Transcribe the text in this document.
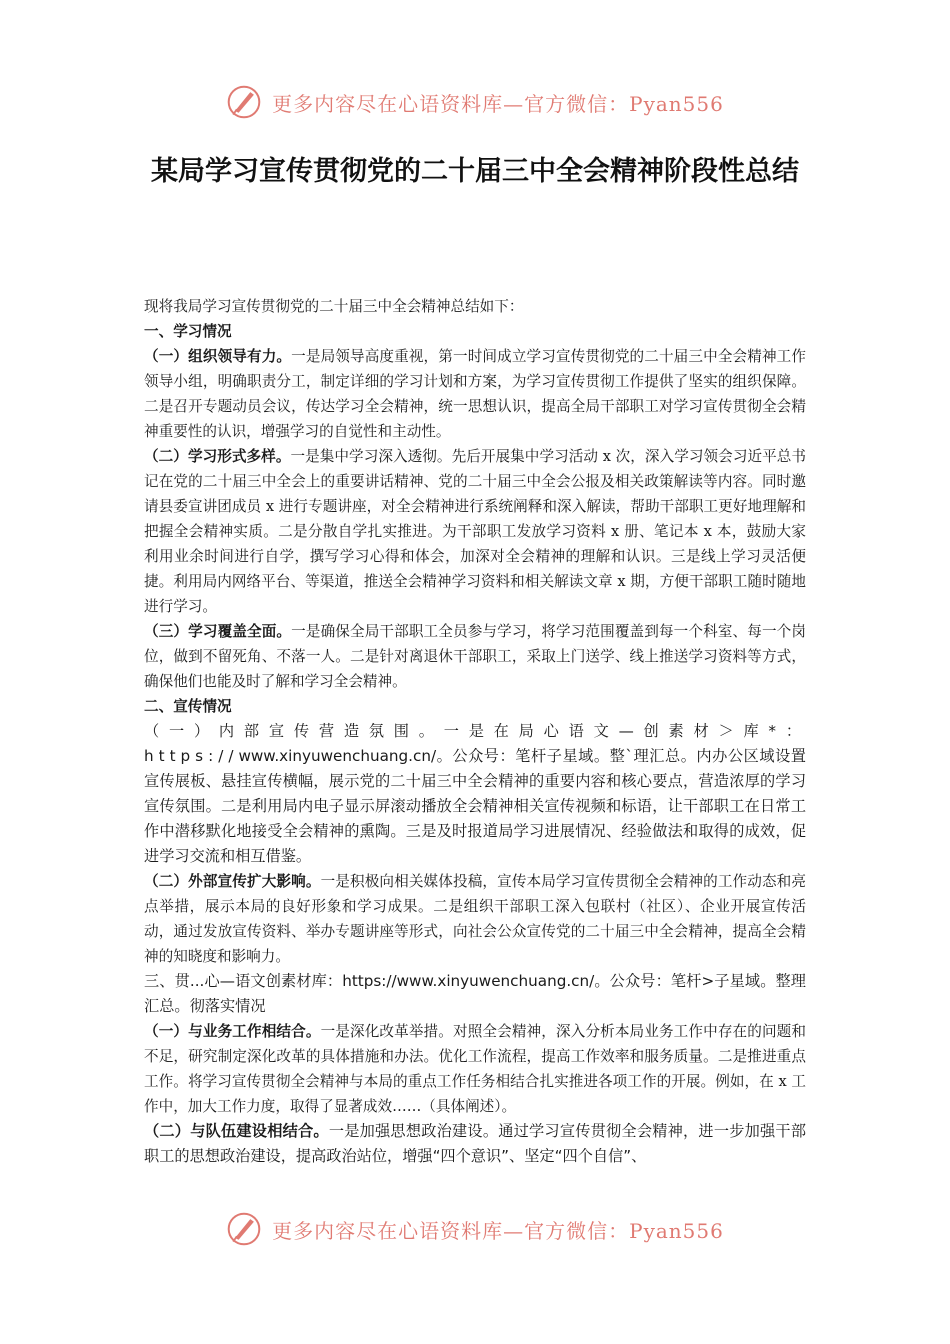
更多内容尽在心语资料库—官方微信：Pyan556
某局学习宣传贯彻党的二十届三中全会精神阶段性总结

现将我局学习宣传贯彻党的二十届三中全会精神总结如下：

一、学习情况

（一）组织领导有力。一是局领导高度重视，第一时间成立学习宣传贯彻党的二十届三中全会精神工作领导小组，明确职责分工，制定详细的学习计划和方案，为学习宣传贯彻工作提供了坚实的组织保障。二是召开专题动员会议，传达学习全会精神，统一思想认识，提高全局干部职工对学习宣传贯彻全会精神重要性的认识，增强学习的自觉性和主动性。

（二）学习形式多样。一是集中学习深入透彻。先后开展集中学习活动 x 次，深入学习领会习近平总书记在党的二十届三中全会上的重要讲话精神、党的二十届三中全会公报及相关政策解读等内容。同时邀请县委宣讲团成员 x 进行专题讲座，对全会精神进行系统阐释和深入解读，帮助干部职工更好地理解和把握全会精神实质。二是分散自学扎实推进。为干部职工发放学习资料 x 册、笔记本 x 本，鼓励大家利用业余时间进行自学，撰写学习心得和体会，加深对全会精神的理解和认识。三是线上学习灵活便捷。利用局内网络平台、等渠道，推送全会精神学习资料和相关解读文章 x 期，方便干部职工随时随地进行学习。

（三）学习覆盖全面。一是确保全局干部职工全员参与学习，将学习范围覆盖到每一个科室、每一个岗位，做到不留死角、不落一人。二是针对离退休干部职工，采取上门送学、线上推送学习资料等方式，确保他们也能及时了解和学习全会精神。

二、宣传情况

（一）内部宣传营造氛围。一是在局心语文—创素材＞库*：https://www.xinyuwenchuang.cn/。公众号：笔杆子星域。整`理汇总。内办公区域设置宣传展板、悬挂宣传横幅，展示党的二十届三中全会精神的重要内容和核心要点，营造浓厚的学习宣传氛围。二是利用局内电子显示屏滚动播放全会精神相关宣传视频和标语，让干部职工在日常工作中潜移默化地接受全会精神的熏陶。三是及时报道局学习进展情况、经验做法和取得的成效，促进学习交流和相互借鉴。

（二）外部宣传扩大影响。一是积极向相关媒体投稿，宣传本局学习宣传贯彻全会精神的工作动态和亮点举措，展示本局的良好形象和学习成果。二是组织干部职工深入包联村（社区）、企业开展宣传活动，通过发放宣传资料、举办专题讲座等形式，向社会公众宣传党的二十届三中全会精神，提高全会精神的知晓度和影响力。

三、贯...心—语文创素材库：https://www.xinyuwenchuang.cn/。公众号：笔杆>子星域。整理汇总。彻落实情况

（一）与业务工作相结合。一是深化改革举措。对照全会精神，深入分析本局业务工作中存在的问题和不足，研究制定深化改革的具体措施和办法。优化工作流程，提高工作效率和服务质量。二是推进重点工作。将学习宣传贯彻全会精神与本局的重点工作任务相结合扎实推进各项工作的开展。例如，在 x 工作中，加大工作力度，取得了显著成效……（具体阐述）。

（二）与队伍建设相结合。一是加强思想政治建设。通过学习宣传贯彻全会精神，进一步加强干部职工的思想政治建设，提高政治站位，增强“四个意识”、坚定“四个自信”、

更多内容尽在心语资料库—官方微信：Pyan556
